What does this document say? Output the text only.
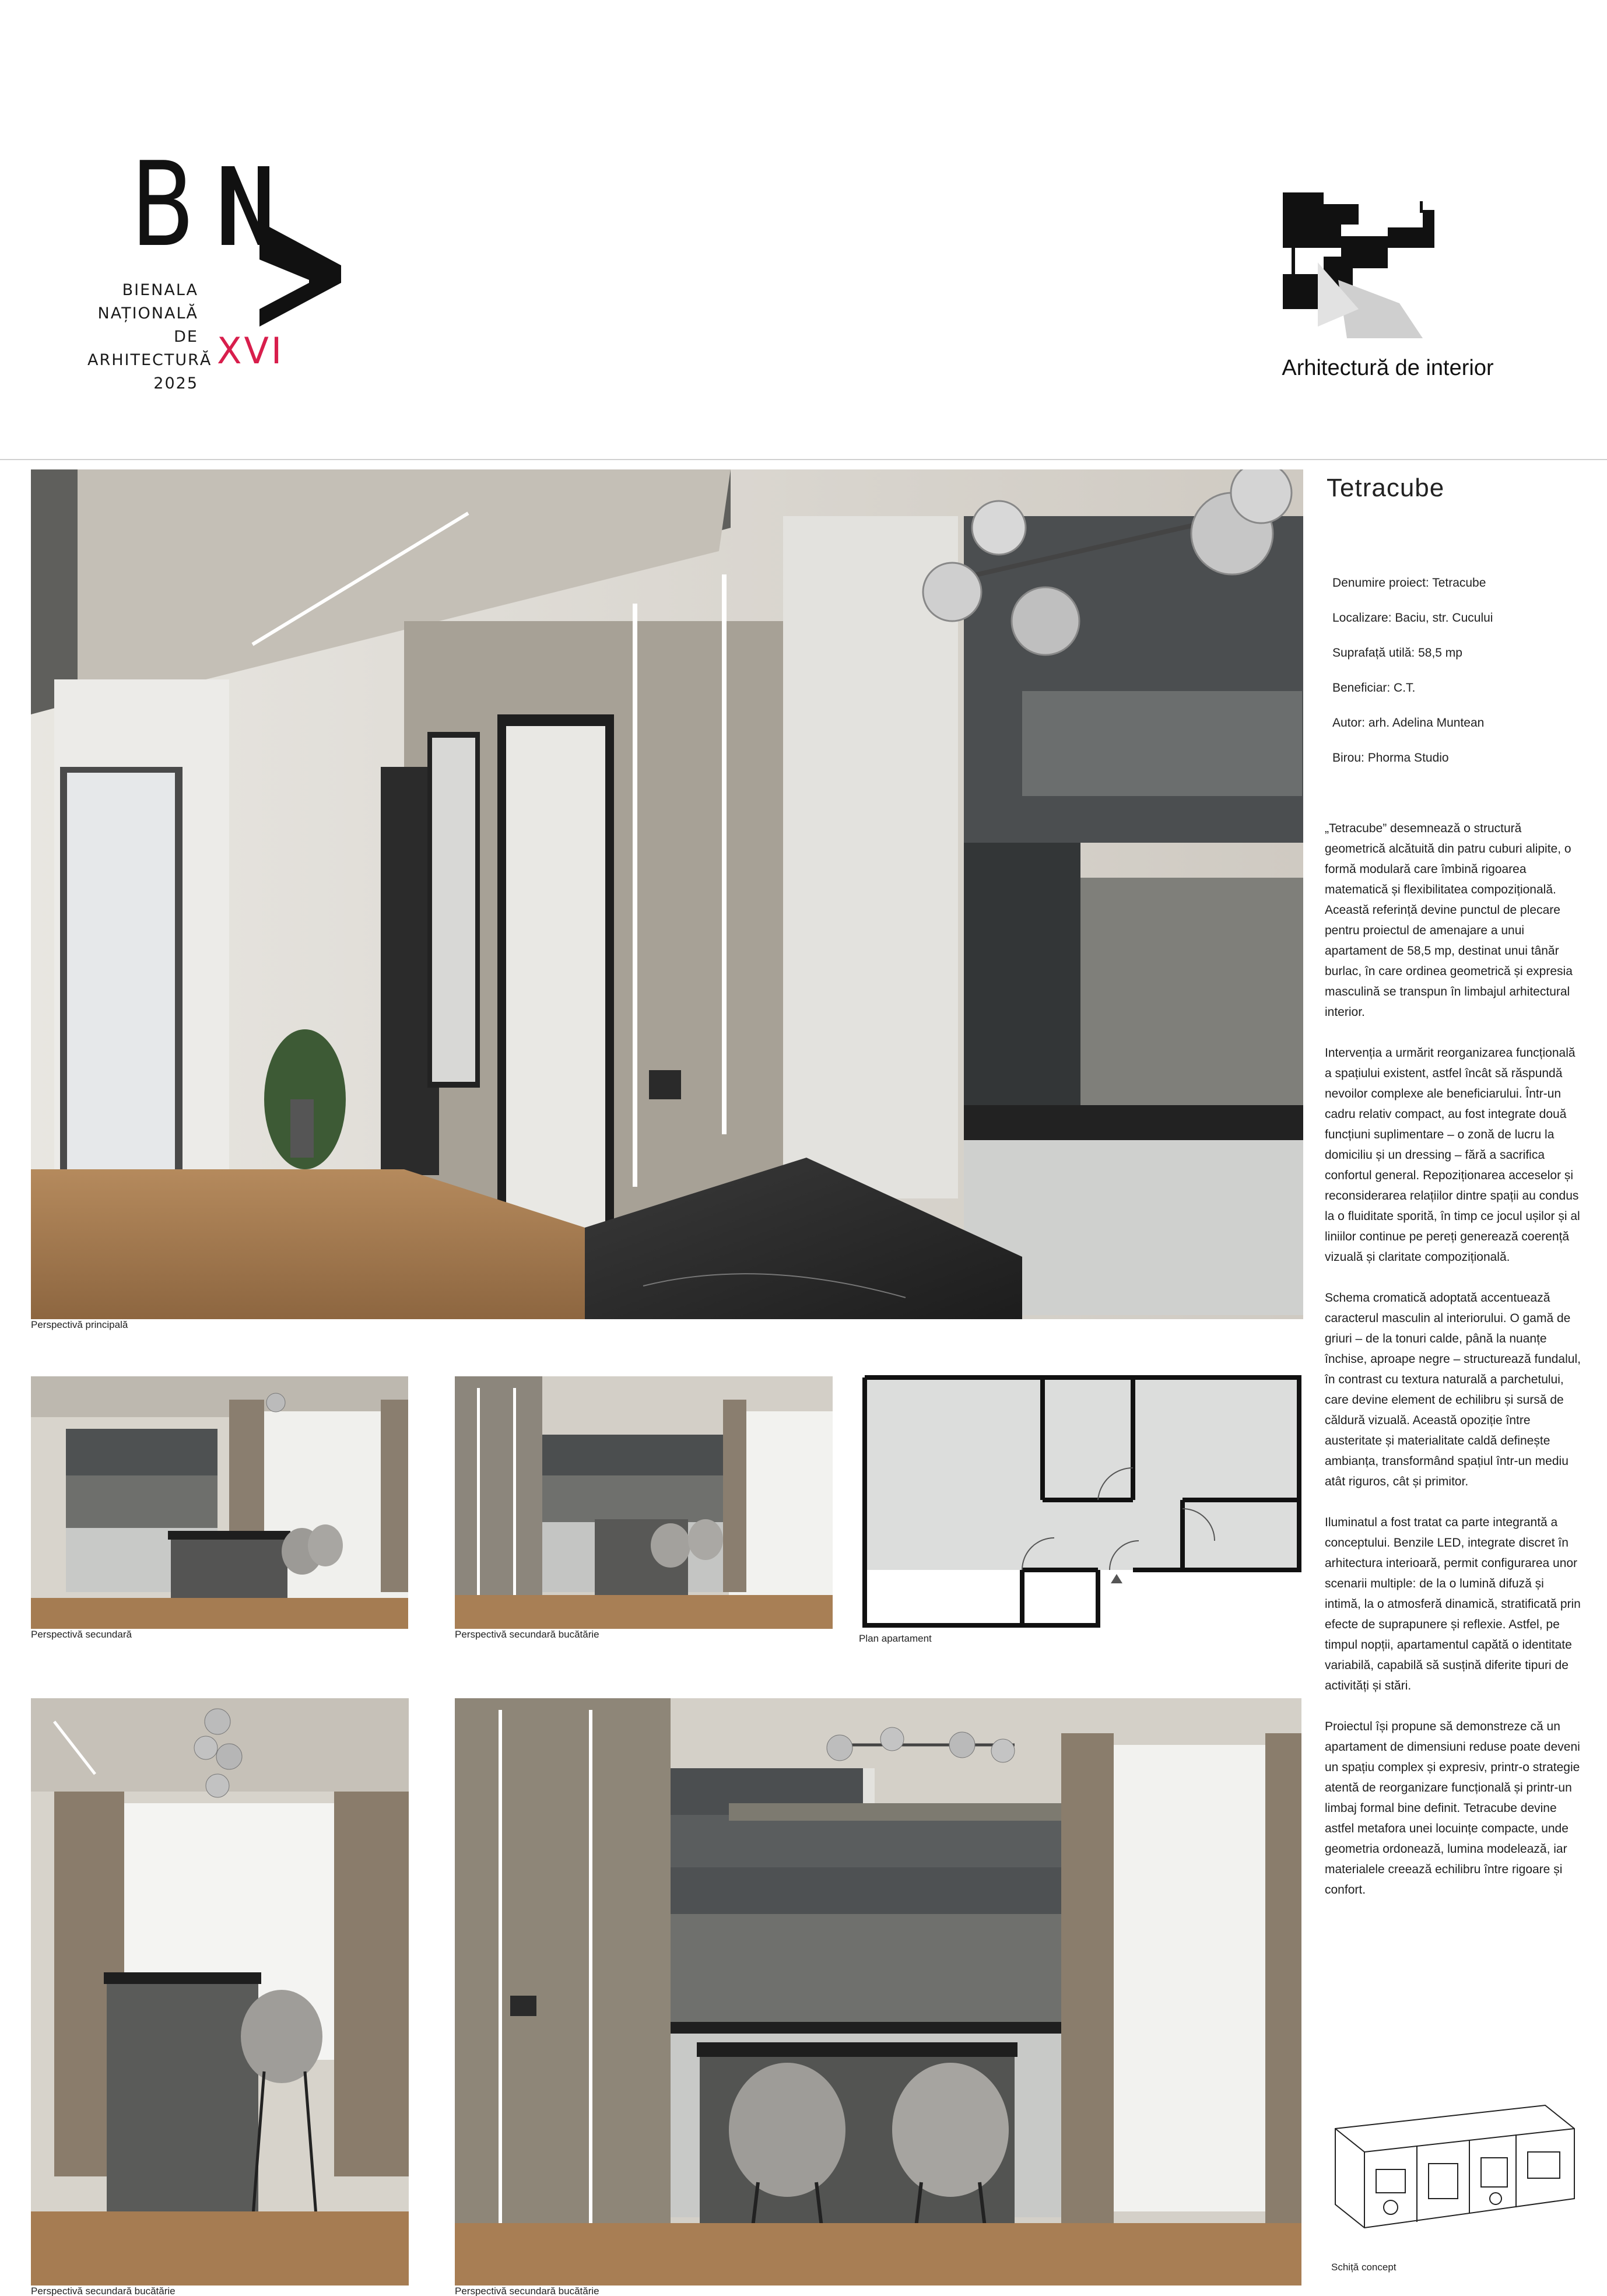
B
BIENALA
NAȚIONALĂ
DE
ARHITECTURĂ
2025
XVI	Arhitectură de interior
Perspectivă principală
Perspectivă secundară	Perspectivă secundară bucătărie	Plan apartament
Perspectivă secundară bucătărie	Perspectivă secundară bucătărie
Tetracube
Denumire proiect: Tetracube
Localizare: Baciu, str. Cucului
Suprafață utilă: 58,5 mp
Beneficiar: C.T.
Autor: arh. Adelina Muntean
Birou: Phorma Studio

„Tetracube” desemnează o structură geometrică alcătuită din patru cuburi alipite, o formă modulară care îmbină rigoarea matematică și flexibilitatea compozițională. Această referință devine punctul de plecare pentru proiectul de amenajare a unui apartament de 58,5 mp, destinat unui tânăr burlac, în care ordinea geometrică și expresia masculină se transpun în limbajul arhitectural interior.

Intervenția a urmărit reorganizarea funcțională a spațiului existent, astfel încât să răspundă nevoilor complexe ale beneficiarului. Într-un cadru relativ compact, au fost integrate două funcțiuni suplimentare – o zonă de lucru la domiciliu și un dressing – fără a sacrifica confortul general. Repoziționarea acceselor și reconsiderarea relațiilor dintre spații au condus la o fluiditate sporită, în timp ce jocul ușilor și al liniilor continue pe pereți generează coerență vizuală și claritate compozițională.

Schema cromatică adoptată accentuează caracterul masculin al interiorului. O gamă de griuri – de la tonuri calde, până la nuanțe închise, aproape negre – structurează fundalul, în contrast cu textura naturală a parchetului, care devine element de echilibru și sursă de căldură vizuală. Această opoziție între austeritate și materialitate caldă definește ambianța, transformând spațiul într-un mediu atât riguros, cât și primitor.

Iluminatul a fost tratat ca parte integrantă a conceptului. Benzile LED, integrate discret în arhitectura interioară, permit configurarea unor scenarii multiple: de la o lumină difuză și intimă, la o atmosferă dinamică, stratificată prin efecte de suprapunere și reflexie. Astfel, pe timpul nopții, apartamentul capătă o identitate variabilă, capabilă să susțină diferite tipuri de activități și stări.

Proiectul își propune să demonstreze că un apartament de dimensiuni reduse poate deveni un spațiu complex și expresiv, printr-o strategie atentă de reorganizare funcțională și printr-un limbaj formal bine definit. Tetracube devine astfel metafora unei locuințe compacte, unde geometria ordonează, lumina modelează, iar materialele creează echilibru între rigoare și confort.

Schiță concept
